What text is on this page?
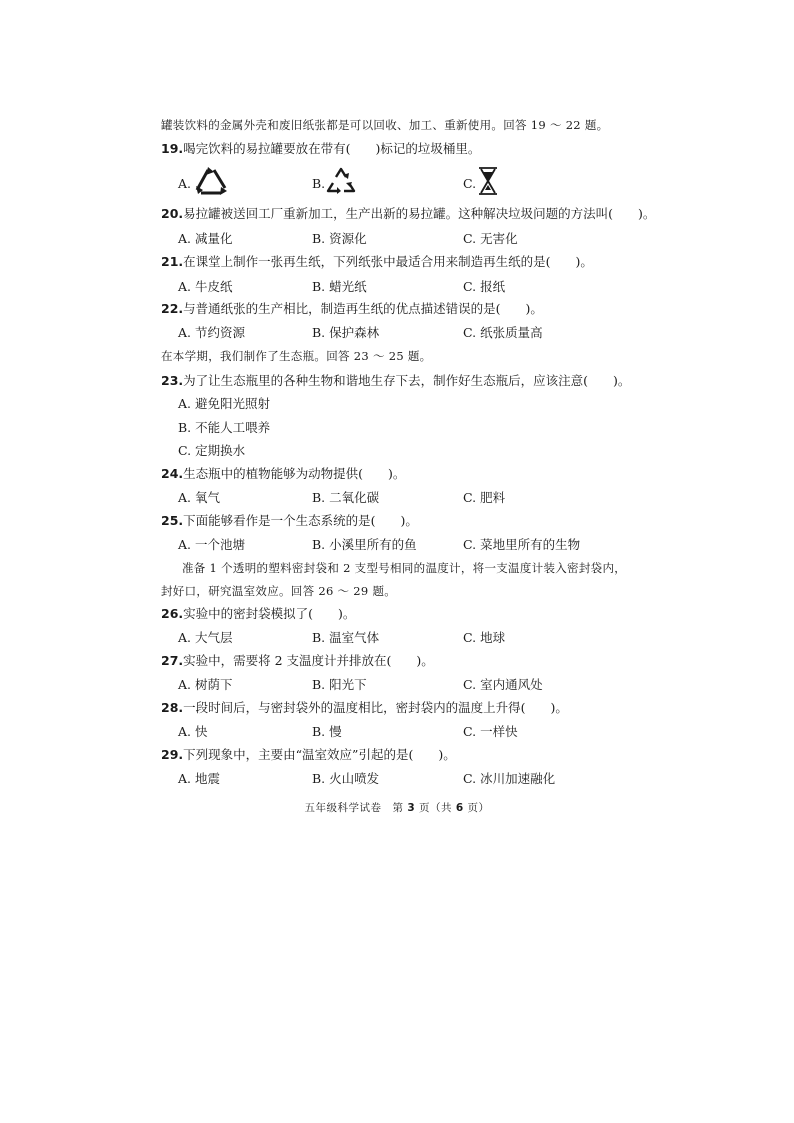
罐装饮料的金属外壳和废旧纸张都是可以回收、加工、重新使用。回答 19 ～ 22 题。
19.喝完饮料的易拉罐要放在带有(　　)标记的垃圾桶里。
A.	B.	C.
20.易拉罐被送回工厂重新加工，生产出新的易拉罐。这种解决垃圾问题的方法叫(　　)。
A. 减量化	B. 资源化	C. 无害化
21.在课堂上制作一张再生纸，下列纸张中最适合用来制造再生纸的是(　　)。
A. 牛皮纸	B. 蜡光纸	C. 报纸
22.与普通纸张的生产相比，制造再生纸的优点描述错误的是(　　)。
A. 节约资源	B. 保护森林	C. 纸张质量高
在本学期，我们制作了生态瓶。回答 23 ～ 25 题。
23.为了让生态瓶里的各种生物和谐地生存下去，制作好生态瓶后，应该注意(　　)。
A. 避免阳光照射
B. 不能人工喂养
C. 定期换水
24.生态瓶中的植物能够为动物提供(　　)。
A. 氧气	B. 二氧化碳	C. 肥料
25.下面能够看作是一个生态系统的是(　　)。
A. 一个池塘	B. 小溪里所有的鱼	C. 菜地里所有的生物
准备 1 个透明的塑料密封袋和 2 支型号相同的温度计，将一支温度计装入密封袋内，
封好口，研究温室效应。回答 26 ～ 29 题。
26.实验中的密封袋模拟了(　　)。
A. 大气层	B. 温室气体	C. 地球
27.实验中，需要将 2 支温度计并排放在(　　)。
A. 树荫下	B. 阳光下	C. 室内通风处
28.一段时间后，与密封袋外的温度相比，密封袋内的温度上升得(　　)。
A. 快	B. 慢	C. 一样快
29.下列现象中，主要由“温室效应”引起的是(　　)。
A. 地震	B. 火山喷发	C. 冰川加速融化
五年级科学试卷　第 3 页（共 6 页）
